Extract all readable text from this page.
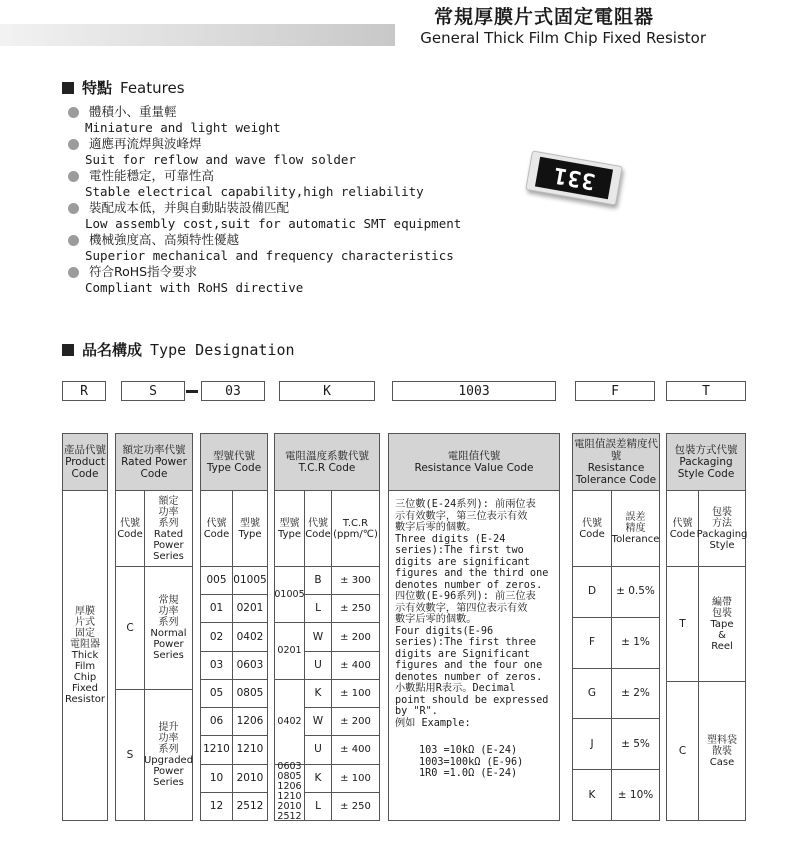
常規厚膜片式固定電阻器
General Thick Film Chip Fixed Resistor
特點 Features
體積小、重量輕
Miniature and light weight
適應再流焊與波峰焊
Suit for reflow and wave flow solder
電性能穩定，可靠性高
Stable electrical capability,high reliability
裝配成本低，并與自動貼裝設備匹配
Low assembly cost,suit for automatic SMT equipment
機械強度高、高頻特性優越
Superior mechanical and frequency characteristics
符合RoHS指令要求
Compliant with RoHS directive
331
品名構成 Type Designation
R	S	03	K	1003	F	T
產品代號
Product Code
厚膜
片式
固定
電阻器
Thick
Film
Chip
Fixed
Resistor
額定功率代號
Rated Power Code
代號
Code
額定
功率
系列
Rated
Power
Series
C
常規
功率
系列
Normal
Power
Series
S
提升
功率
系列
Upgraded
Power
Series
型號代號
Type Code
代號
Code
型號
Type
005 01005
01	0201
02	0402
03	0603
05	0805
06	1206
1210 1210
10	2010
12	2512
電阻溫度系數代號
T.C.R Code
型號
Type
代號
Code
T.C.R
(ppm/℃)
01005
B	± 300
L	± 250
0201
W	± 200
U	± 400
0402
K	± 100
W	± 200
U	± 400
0603
0805
1206
1210
2010
2512
K	± 100
L	± 250
電阻值代號
Resistance Value Code
三位數(E-24系列): 前兩位表
示有效數字，第三位表示有效
數字后零的個數。
Three digits (E-24
series):The first two
digits are significant
figures and the third one
denotes number of zeros.
四位數(E-96系列): 前三位表
示有效數字，第四位表示有效
數字后零的個數。
Four digits(E-96
series):The first three
digits are Significant
figures and the four one
denotes number of zeros.
小數點用R表示。Decimal
point should be expressed
by "R".
例如 Example:
103 =10kΩ (E-24)
1003=100kΩ (E-96)
1R0 =1.0Ω (E-24)
電阻值誤差精度代號
Resistance Tolerance Code
代號
Code
誤差
精度
Tolerance
D	± 0.5%
F	± 1%
G	± 2%
J	± 5%
K	± 10%
包裝方式代號
Packaging Style Code
代號
Code
包裝
方法
Packaging
Style
T
編帶
包裝
Tape
&
Reel
C
塑料袋
散裝
Case
